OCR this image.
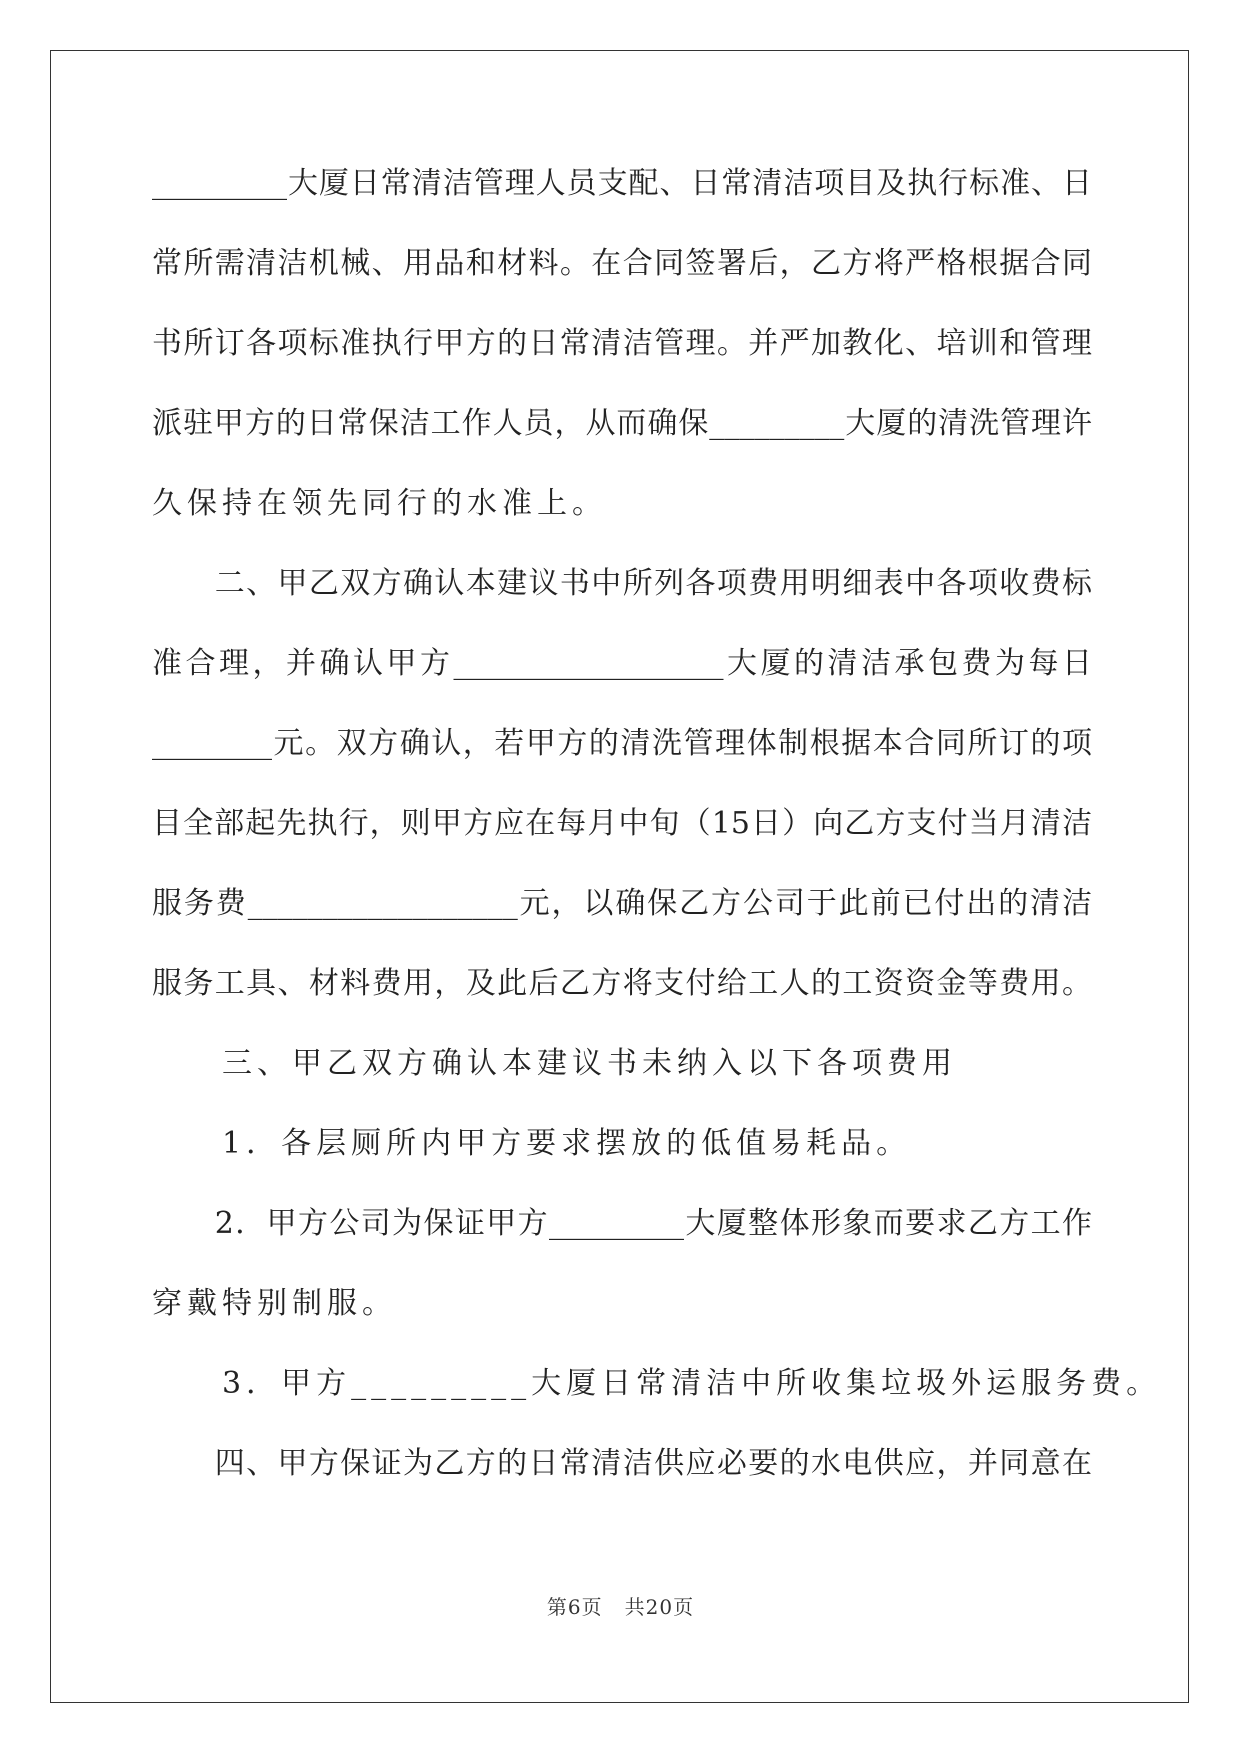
_________大厦日常清洁管理人员支配、日常清洁项目及执行标准、日
常所需清洁机械、用品和材料。在合同签署后，乙方将严格根据合同
书所订各项标准执行甲方的日常清洁管理。并严加教化、培训和管理
派驻甲方的日常保洁工作人员，从而确保_________大厦的清洗管理许
久保持在领先同行的水准上。
　　二、甲乙双方确认本建议书中所列各项费用明细表中各项收费标
准合理，并确认甲方__________________大厦的清洁承包费为每日
________元。双方确认，若甲方的清洗管理体制根据本合同所订的项
目全部起先执行，则甲方应在每月中旬（15日）向乙方支付当月清洁
服务费__________________元，以确保乙方公司于此前已付出的清洁
服务工具、材料费用，及此后乙方将支付给工人的工资资金等费用。
　　三、甲乙双方确认本建议书未纳入以下各项费用
　　1．各层厕所内甲方要求摆放的低值易耗品。
　　2．甲方公司为保证甲方_________大厦整体形象而要求乙方工作
穿戴特别制服。
　　3．甲方_________大厦日常清洁中所收集垃圾外运服务费。
　　四、甲方保证为乙方的日常清洁供应必要的水电供应，并同意在
第6页 共20页
